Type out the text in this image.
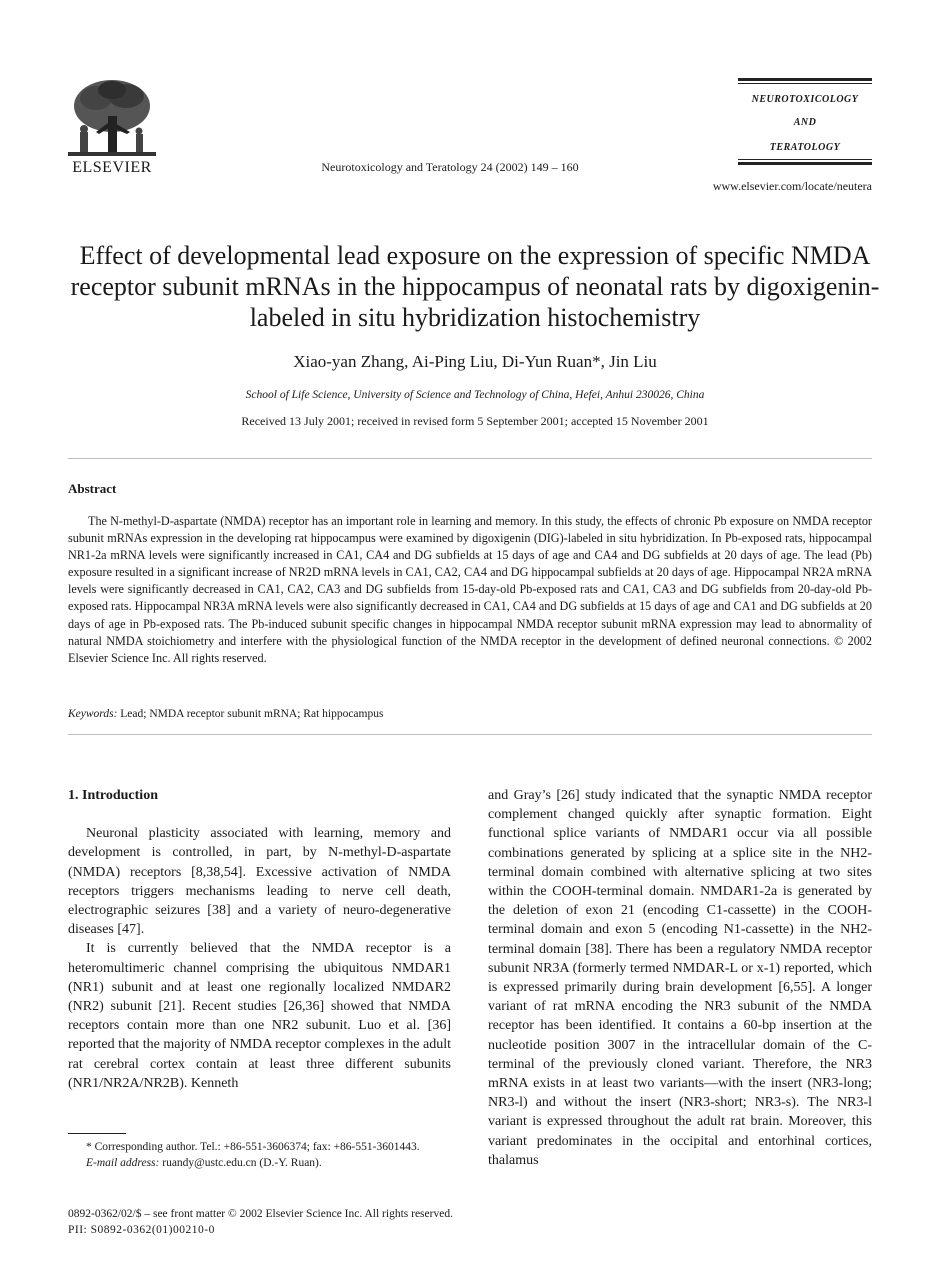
ELSEVIER	Neurotoxicology and Teratology 24 (2002) 149 – 160
NEUROTOXICOLOGY
AND
TERATOLOGY
www.elsevier.com/locate/neutera
Effect of developmental lead exposure on the expression of specific NMDA receptor subunit mRNAs in the hippocampus of neonatal rats by digoxigenin-labeled in situ hybridization histochemistry
Xiao-yan Zhang, Ai-Ping Liu, Di-Yun Ruan*, Jin Liu
School of Life Science, University of Science and Technology of China, Hefei, Anhui 230026, China
Received 13 July 2001; received in revised form 5 September 2001; accepted 15 November 2001
Abstract
The N-methyl-D-aspartate (NMDA) receptor has an important role in learning and memory. In this study, the effects of chronic Pb exposure on NMDA receptor subunit mRNAs expression in the developing rat hippocampus were examined by digoxigenin (DIG)-labeled in situ hybridization. In Pb-exposed rats, hippocampal NR1-2a mRNA levels were significantly increased in CA1, CA4 and DG subfields at 15 days of age and CA4 and DG subfields at 20 days of age. The lead (Pb) exposure resulted in a significant increase of NR2D mRNA levels in CA1, CA2, CA4 and DG hippocampal subfields at 20 days of age. Hippocampal NR2A mRNA levels were significantly decreased in CA1, CA2, CA3 and DG subfields from 15-day-old Pb-exposed rats and CA1, CA3 and DG subfields from 20-day-old Pb-exposed rats. Hippocampal NR3A mRNA levels were also significantly decreased in CA1, CA4 and DG subfields at 15 days of age and CA1 and DG subfields at 20 days of age in Pb-exposed rats. The Pb-induced subunit specific changes in hippocampal NMDA receptor subunit mRNA expression may lead to abnormality of natural NMDA stoichiometry and interfere with the physiological function of the NMDA receptor in the development of defined neuronal connections. © 2002 Elsevier Science Inc. All rights reserved.
Keywords: Lead; NMDA receptor subunit mRNA; Rat hippocampus
1. Introduction

Neuronal plasticity associated with learning, memory and development is controlled, in part, by N-methyl-D-aspartate (NMDA) receptors [8,38,54]. Excessive activation of NMDA receptors triggers mechanisms leading to nerve cell death, electrographic seizures [38] and a variety of neuro-degenerative diseases [47].

It is currently believed that the NMDA receptor is a heteromultimeric channel comprising the ubiquitous NMDAR1 (NR1) subunit and at least one regionally localized NMDAR2 (NR2) subunit [21]. Recent studies [26,36] showed that NMDA receptors contain more than one NR2 subunit. Luo et al. [36] reported that the majority of NMDA receptor complexes in the adult rat cerebral cortex contain at least three different subunits (NR1/NR2A/NR2B). Kenneth

and Gray’s [26] study indicated that the synaptic NMDA receptor complement changed quickly after synaptic formation. Eight functional splice variants of NMDAR1 occur via all possible combinations generated by splicing at a splice site in the NH2-terminal domain combined with alternative splicing at two sites within the COOH-terminal domain. NMDAR1-2a is generated by the deletion of exon 21 (encoding C1-cassette) in the COOH-terminal domain and exon 5 (encoding N1-cassette) in the NH2-terminal domain [38]. There has been a regulatory NMDA receptor subunit NR3A (formerly termed NMDAR-L or x-1) reported, which is expressed primarily during brain development [6,55]. A longer variant of rat mRNA encoding the NR3 subunit of the NMDA receptor has been identified. It contains a 60-bp insertion at the nucleotide position 3007 in the intracellular domain of the C-terminal of the previously cloned variant. Therefore, the NR3 mRNA exists in at least two variants—with the insert (NR3-long; NR3-l) and without the insert (NR3-short; NR3-s). The NR3-l variant is expressed throughout the adult rat brain. Moreover, this variant predominates in the occipital and entorhinal cortices, thalamus

* Corresponding author. Tel.: +86-551-3606374; fax: +86-551-3601443.

E-mail address: ruandy@ustc.edu.cn (D.-Y. Ruan).

0892-0362/02/$ – see front matter © 2002 Elsevier Science Inc. All rights reserved.
PII: S0892-0362(01)00210-0
